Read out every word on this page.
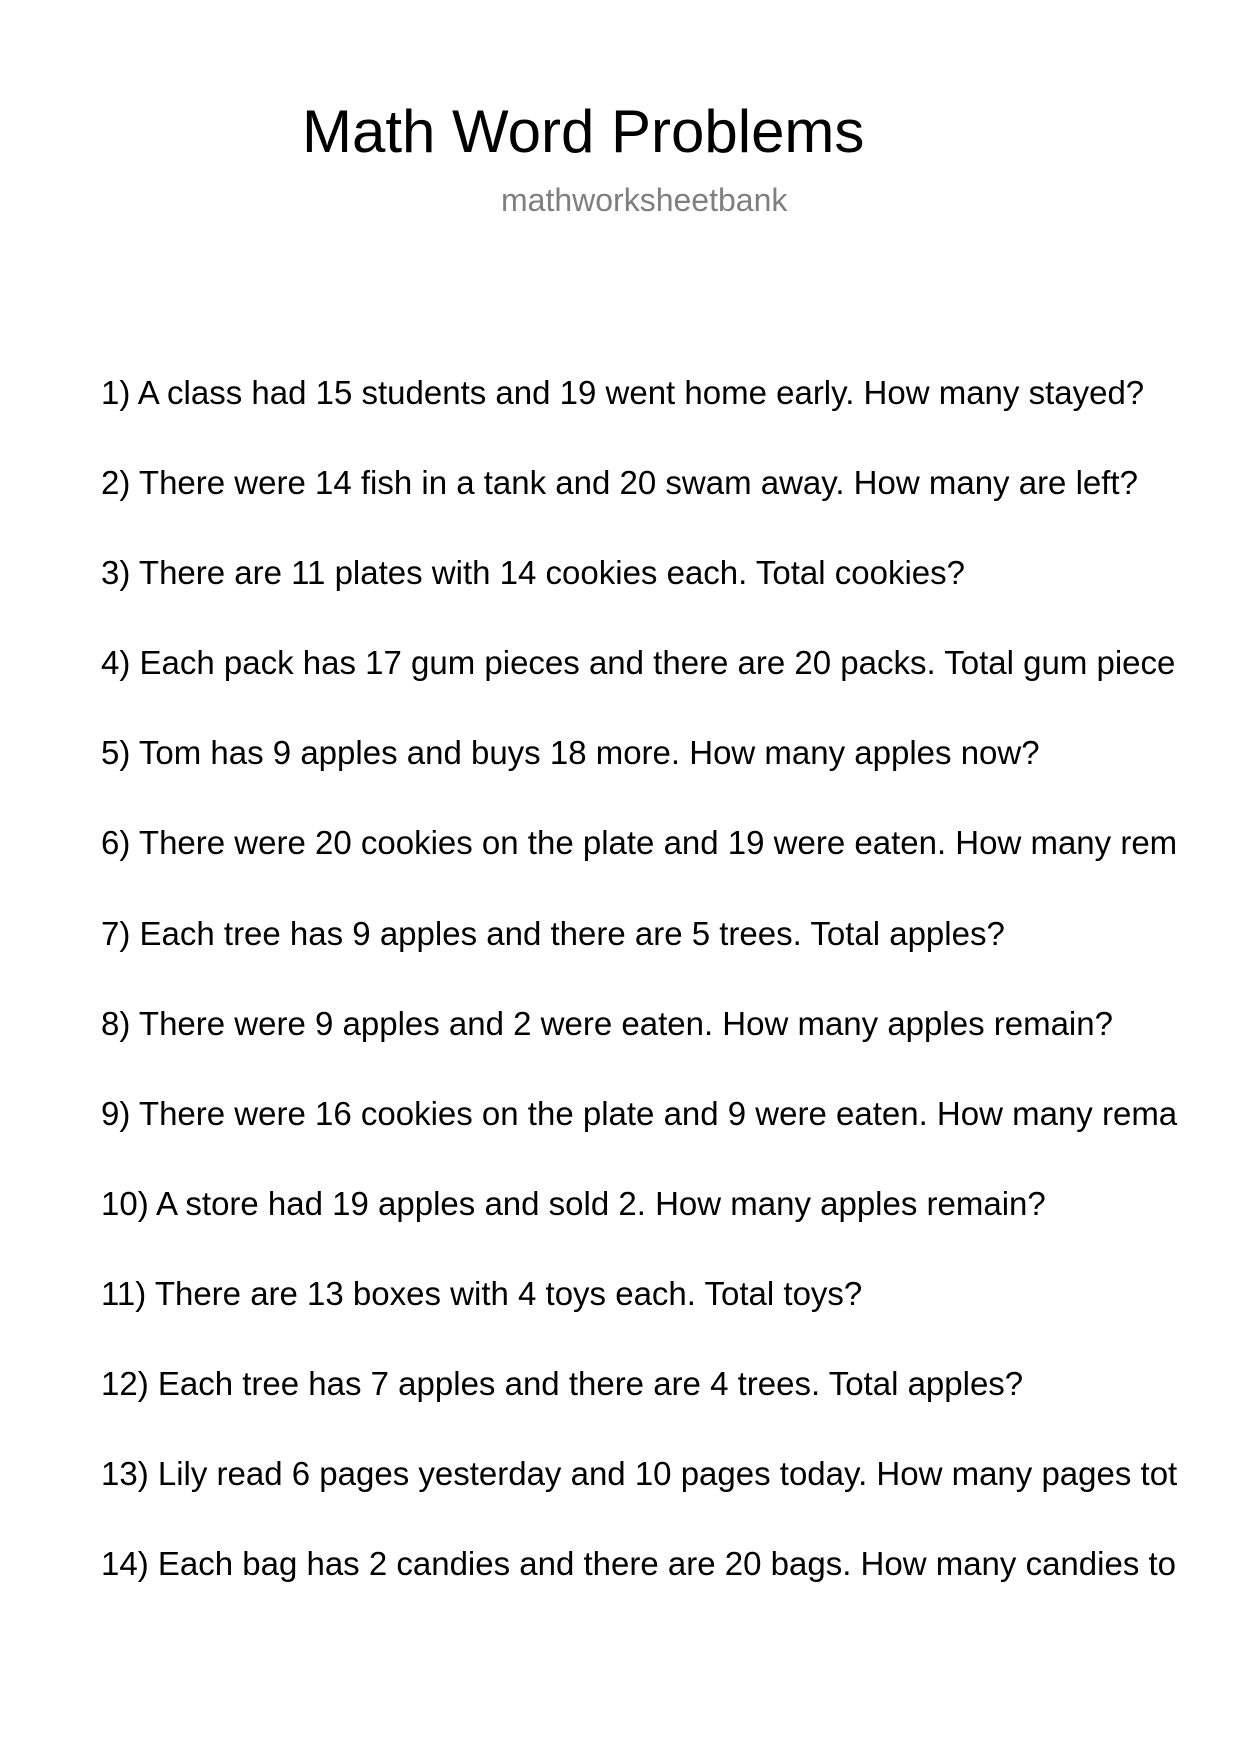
Math Word Problems
mathworksheetbank
1) A class had 15 students and 19 went home early. How many stayed?
2) There were 14 fish in a tank and 20 swam away. How many are left?
3) There are 11 plates with 14 cookies each. Total cookies?
4) Each pack has 17 gum pieces and there are 20 packs. Total gum piece
5) Tom has 9 apples and buys 18 more. How many apples now?
6) There were 20 cookies on the plate and 19 were eaten. How many rem
7) Each tree has 9 apples and there are 5 trees. Total apples?
8) There were 9 apples and 2 were eaten. How many apples remain?
9) There were 16 cookies on the plate and 9 were eaten. How many rema
10) A store had 19 apples and sold 2. How many apples remain?
11) There are 13 boxes with 4 toys each. Total toys?
12) Each tree has 7 apples and there are 4 trees. Total apples?
13) Lily read 6 pages yesterday and 10 pages today. How many pages tot
14) Each bag has 2 candies and there are 20 bags. How many candies to
